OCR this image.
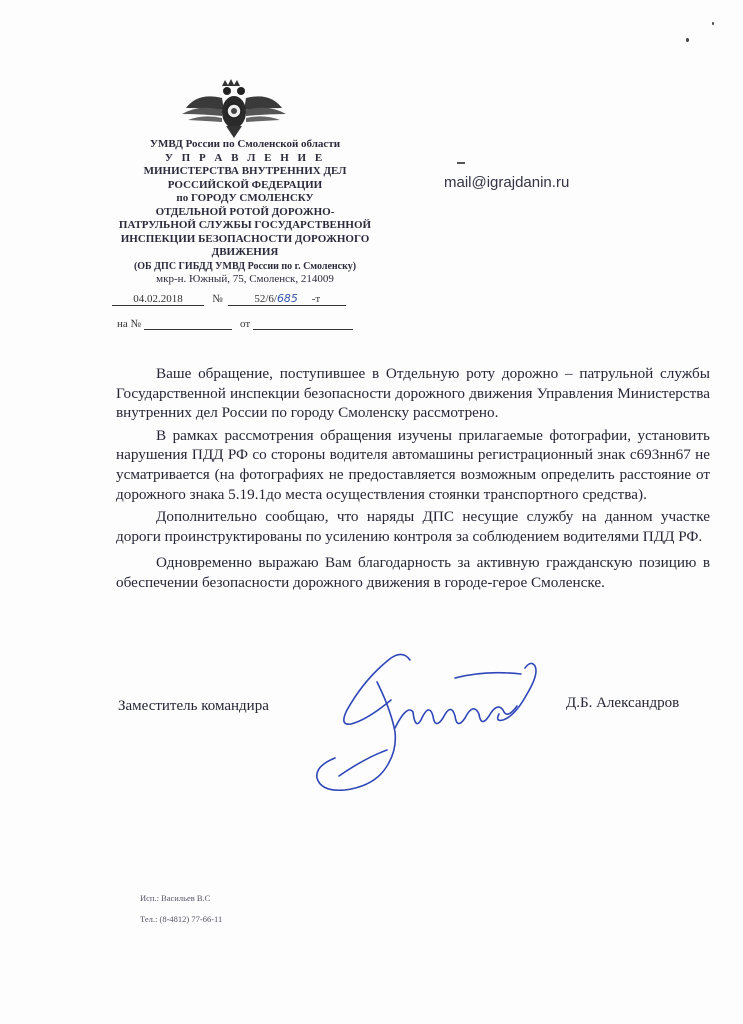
УМВД России по Смоленской области
У П Р А В Л Е Н И Е
МИНИСТЕРСТВА ВНУТРЕННИХ ДЕЛ
РОССИЙСКОЙ ФЕДЕРАЦИИ
по ГОРОДУ СМОЛЕНСКУ
ОТДЕЛЬНОЙ РОТОЙ ДОРОЖНО-
ПАТРУЛЬНОЙ СЛУЖБЫ ГОСУДАРСТВЕННОЙ
ИНСПЕКЦИИ БЕЗОПАСНОСТИ ДОРОЖНОГО
ДВИЖЕНИЯ
(ОБ ДПС ГИБДД УМВД России по г. Смоленску)
мкр-н. Южный, 75, Смоленск, 214009
mail@igrajdanin.ru
04.02.2018	№	52/6/685 -т
на №	от

Ваше обращение, поступившее в Отдельную роту дорожно – патрульной службы Государственной инспекции безопасности дорожного движения Управления Министерства внутренних дел России по городу Смоленску рассмотрено.

В рамках рассмотрения обращения изучены прилагаемые фотографии, установить нарушения ПДД РФ со стороны водителя автомашины регистрационный знак с693нн67 не усматривается (на фотографиях не предоставляется возможным определить расстояние от дорожного знака 5.19.1до места осуществления стоянки транспортного средства).

Дополнительно сообщаю, что наряды ДПС несущие службу на данном участке дороги проинструктированы по усилению контроля за соблюдением водителями ПДД РФ.

Одновременно выражаю Вам благодарность за активную гражданскую позицию в обеспечении безопасности дорожного движения в городе-герое Смоленске.

Заместитель командира	Д.Б. Александров
Исп.: Васильев В.С
Тел.: (8-4812) 77-66-11
